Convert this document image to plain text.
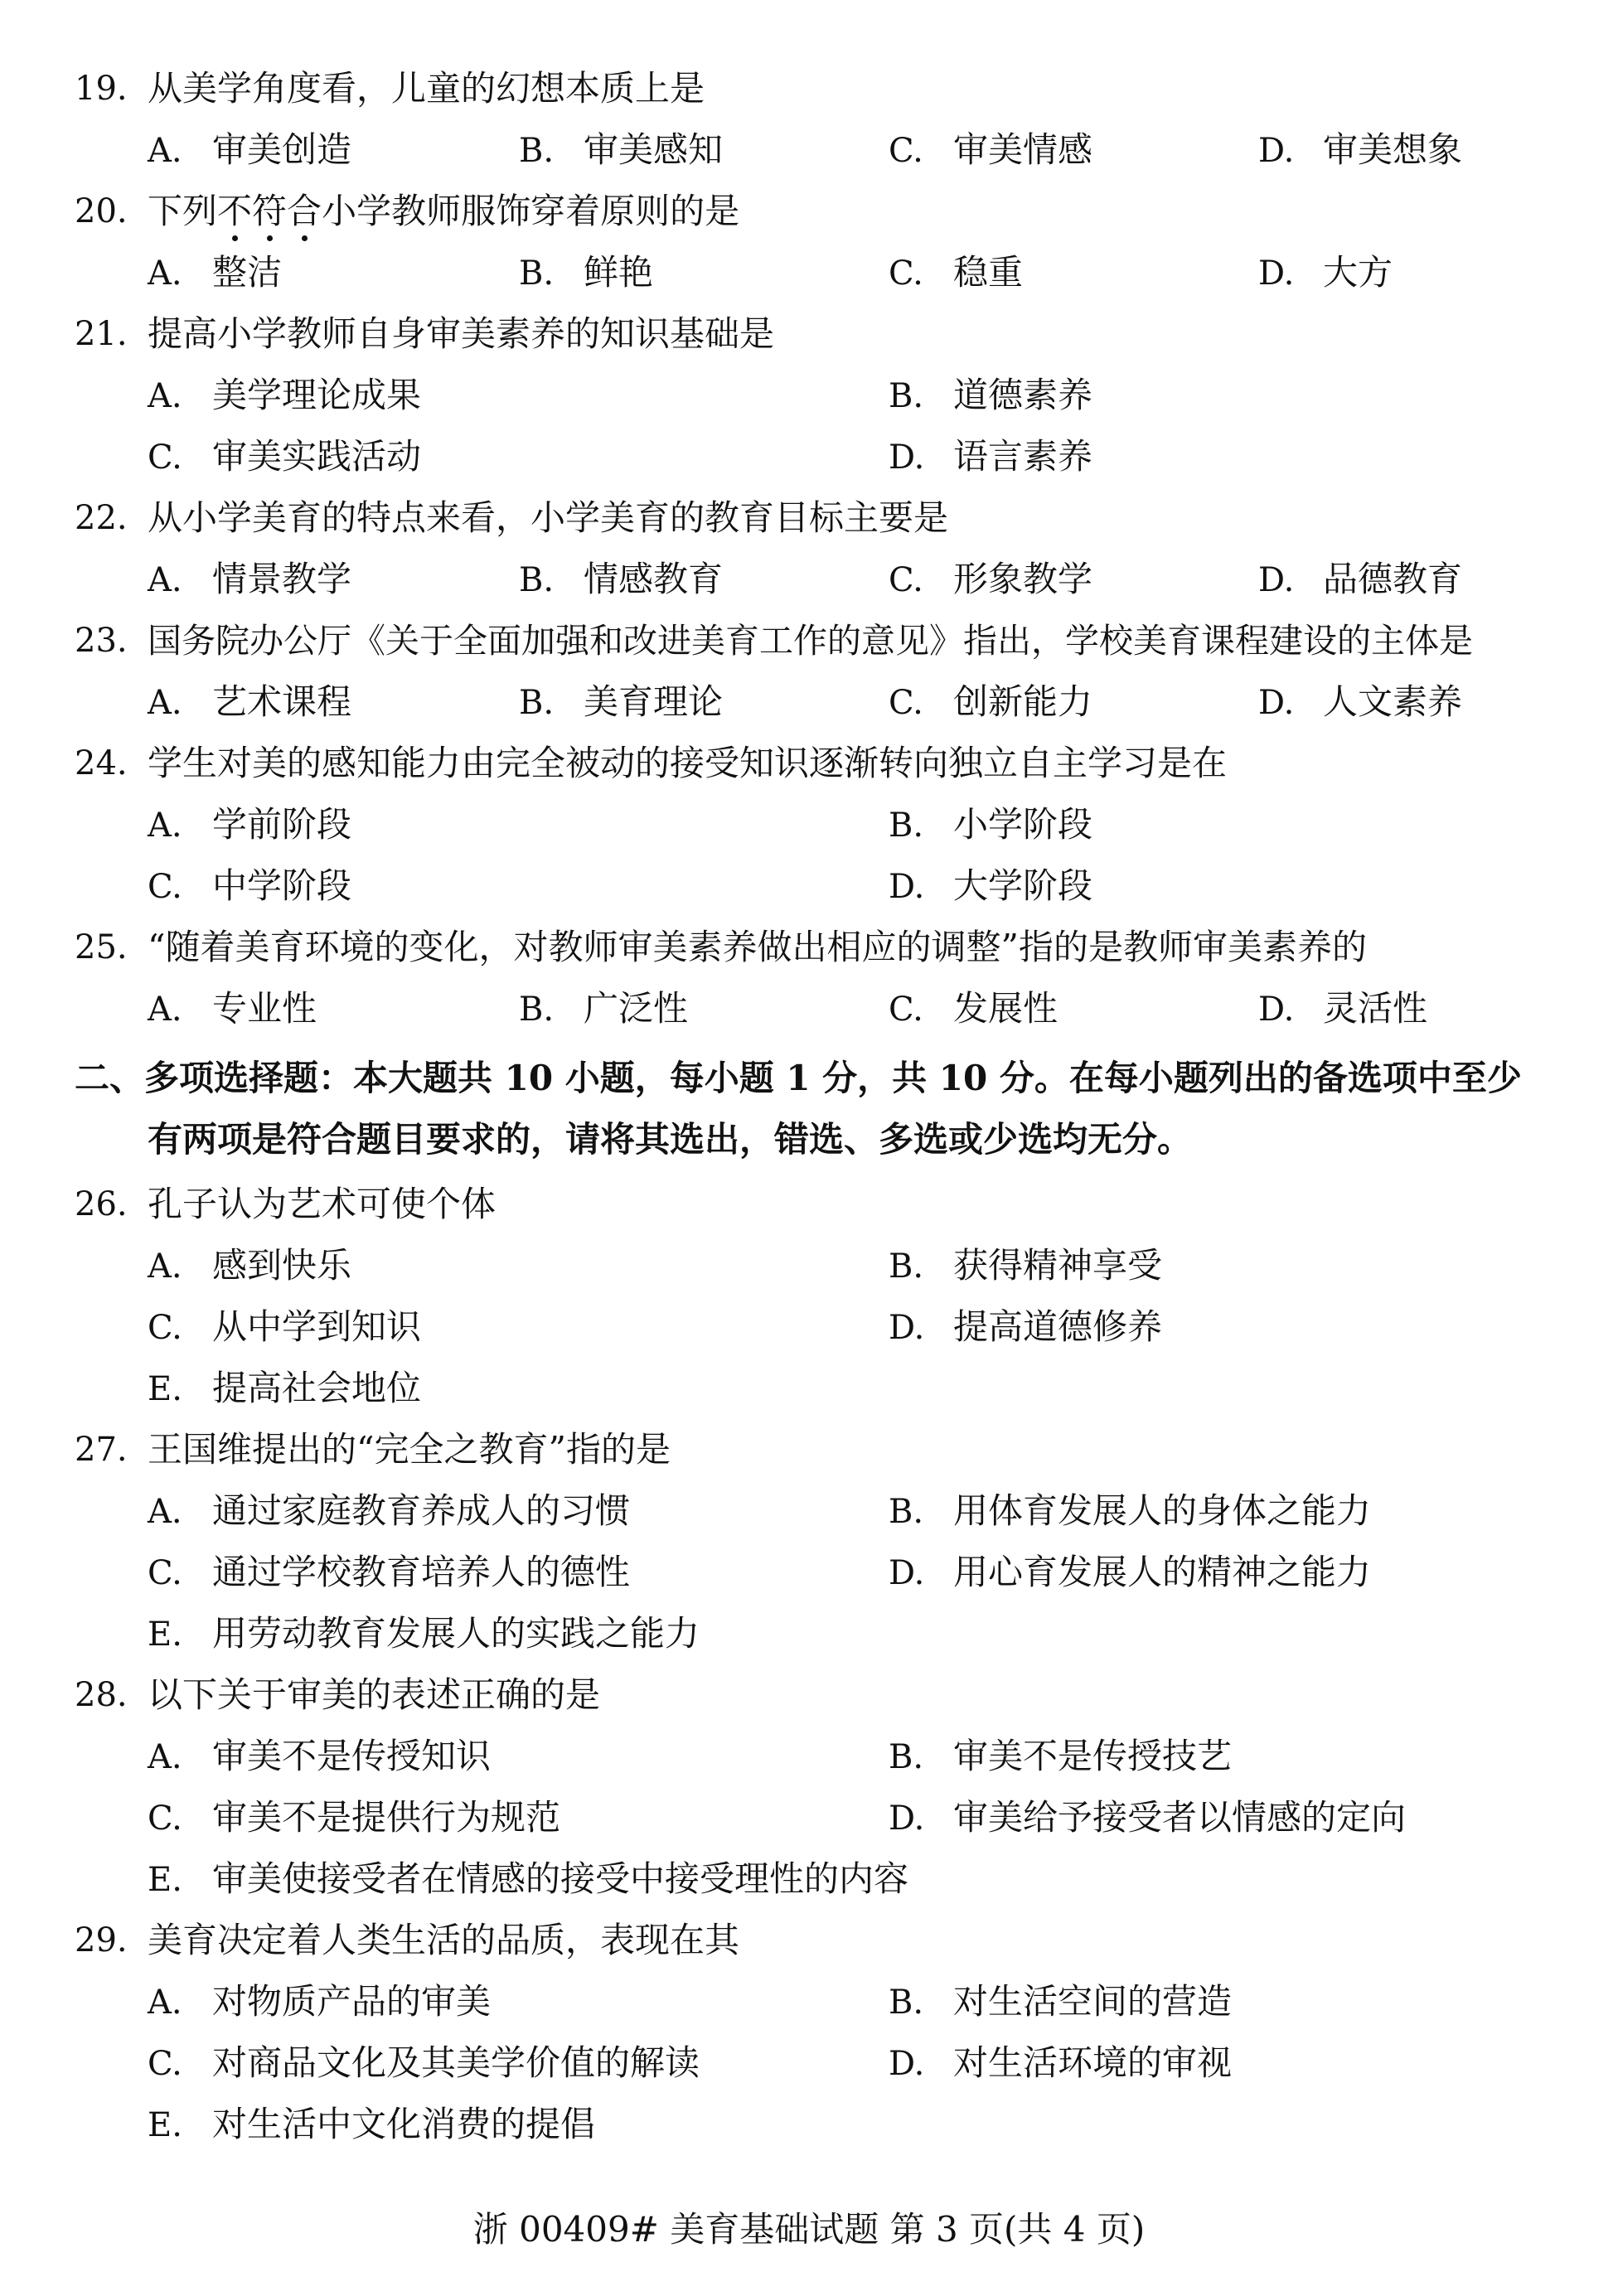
19. 从美学角度看，儿童的幻想本质上是
A. 审美创造	B. 审美感知	C. 审美情感	D. 审美想象
20. 下列不符合小学教师服饰穿着原则的是
A. 整洁	B. 鲜艳	C. 稳重	D. 大方
21. 提高小学教师自身审美素养的知识基础是
A. 美学理论成果	B. 道德素养
C. 审美实践活动	D. 语言素养
22. 从小学美育的特点来看，小学美育的教育目标主要是
A. 情景教学	B. 情感教育	C. 形象教学	D. 品德教育
23. 国务院办公厅《关于全面加强和改进美育工作的意见》指出，学校美育课程建设的主体是
A. 艺术课程	B. 美育理论	C. 创新能力	D. 人文素养
24. 学生对美的感知能力由完全被动的接受知识逐渐转向独立自主学习是在
A. 学前阶段	B. 小学阶段
C. 中学阶段	D. 大学阶段
25. “随着美育环境的变化，对教师审美素养做出相应的调整”指的是教师审美素养的
A. 专业性	B. 广泛性	C. 发展性	D. 灵活性
二、多项选择题：本大题共 10 小题，每小题 1 分，共 10 分。在每小题列出的备选项中至少
有两项是符合题目要求的，请将其选出，错选、多选或少选均无分。
26. 孔子认为艺术可使个体
A. 感到快乐	B. 获得精神享受
C. 从中学到知识	D. 提高道德修养
E. 提高社会地位
27. 王国维提出的“完全之教育”指的是
A. 通过家庭教育养成人的习惯	B. 用体育发展人的身体之能力
C. 通过学校教育培养人的德性	D. 用心育发展人的精神之能力
E. 用劳动教育发展人的实践之能力
28. 以下关于审美的表述正确的是
A. 审美不是传授知识	B. 审美不是传授技艺
C. 审美不是提供行为规范	D. 审美给予接受者以情感的定向
E. 审美使接受者在情感的接受中接受理性的内容
29. 美育决定着人类生活的品质，表现在其
A. 对物质产品的审美	B. 对生活空间的营造
C. 对商品文化及其美学价值的解读	D. 对生活环境的审视
E. 对生活中文化消费的提倡
浙 00409# 美育基础试题 第 3 页(共 4 页)
